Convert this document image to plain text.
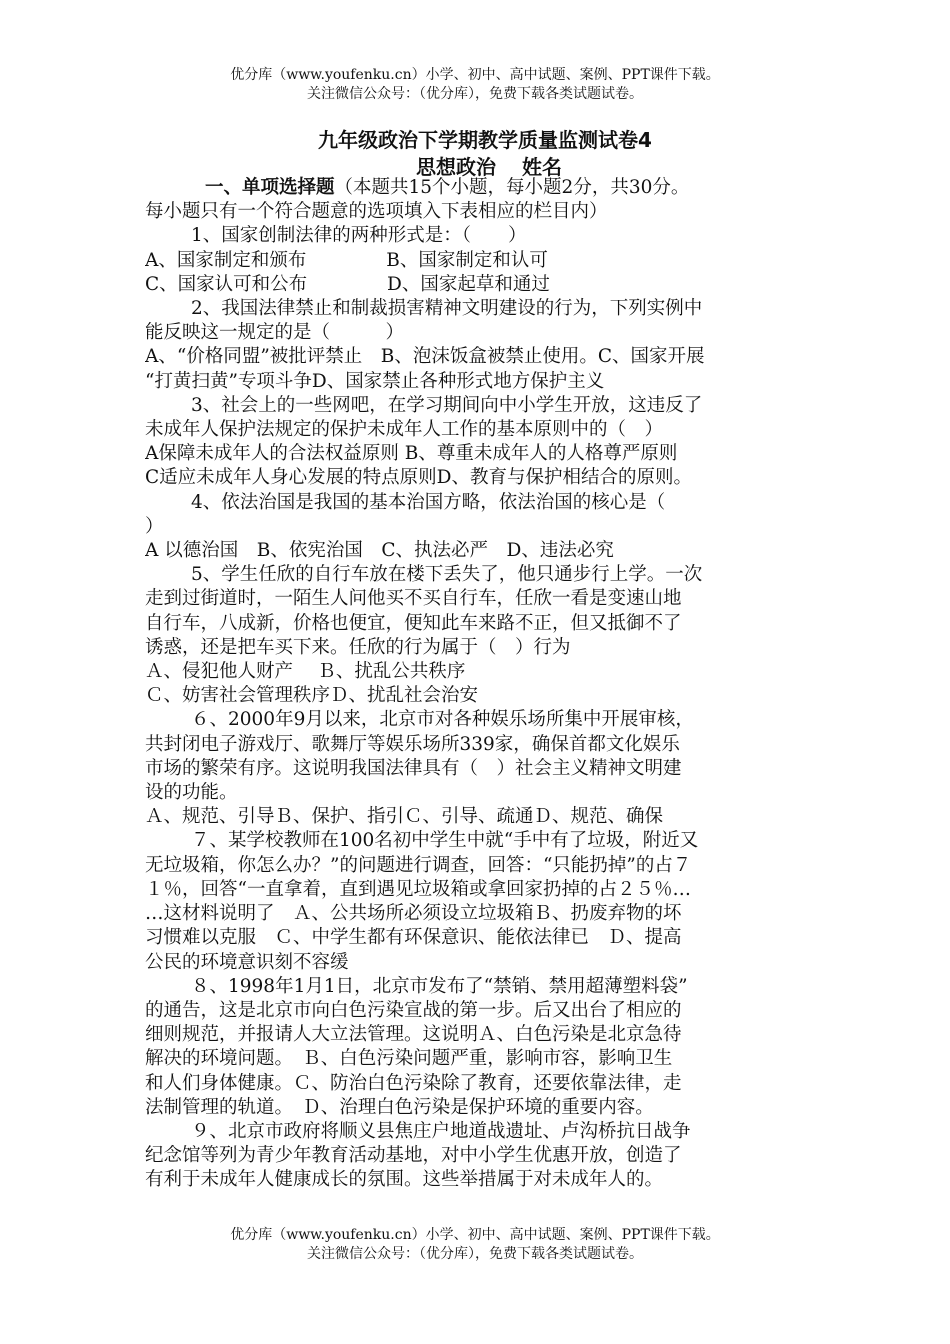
优分库（www.youfenku.cn）小学、初中、高中试题、案例、PPT课件下载。
关注微信公众号：（优分库），免费下载各类试题试卷。
九年级政治下学期教学质量监测试卷4
思想政治 姓名

一、单项选择题（本题共15个小题，每小题2分，共30分。

每小题只有一个符合题意的选项填入下表相应的栏目内）

1、国家创制法律的两种形式是：（　　）

A、国家制定和颁布　　　　 B、国家制定和认可

C、国家认可和公布　　　　 D、国家起草和通过

2、我国法律禁止和制裁损害精神文明建设的行为，下列实例中

能反映这一规定的是（　　　）

A、“价格同盟”被批评禁止　B、泡沫饭盒被禁止使用。C、国家开展

“打黄扫黄”专项斗争D、国家禁止各种形式地方保护主义

3、社会上的一些网吧，在学习期间向中小学生开放，这违反了

未成年人保护法规定的保护未成年人工作的基本原则中的（　）

A保障未成年人的合法权益原则 B、尊重未成年人的人格尊严原则

C适应未成年人身心发展的特点原则D、教育与保护相结合的原则。

4、依法治国是我国的基本治国方略，依法治国的核心是（

）

A 以德治国　B、依宪治国　C、执法必严　D、违法必究

5、学生任欣的自行车放在楼下丢失了，他只通步行上学。一次

走到过街道时，一陌生人问他买不买自行车，任欣一看是变速山地

自行车，八成新，价格也便宜，便知此车来路不正，但又抵御不了

诱惑，还是把车买下来。任欣的行为属于（　）行为

Ａ、侵犯他人财产　 Ｂ、扰乱公共秩序

Ｃ、妨害社会管理秩序Ｄ、扰乱社会治安

６、2000年9月以来，北京市对各种娱乐场所集中开展审核，

共封闭电子游戏厅、歌舞厅等娱乐场所339家，确保首都文化娱乐

市场的繁荣有序。这说明我国法律具有（　）社会主义精神文明建

设的功能。

Ａ、规范、引导Ｂ、保护、指引Ｃ、引导、疏通Ｄ、规范、确保

７、某学校教师在100名初中学生中就“手中有了垃圾，附近又

无垃圾箱，你怎么办？”的问题进行调查，回答：“只能扔掉”的占７

１％，回答“一直拿着，直到遇见垃圾箱或拿回家扔掉的占２５％…

…这材料说明了　Ａ、公共场所必须设立垃圾箱Ｂ、扔废弃物的坏

习惯难以克服　Ｃ、中学生都有环保意识、能依法律已　Ｄ、提高

公民的环境意识刻不容缓

８、1998年1月1日，北京市发布了“禁销、禁用超薄塑料袋”

的通告，这是北京市向白色污染宣战的第一步。后又出台了相应的

细则规范，并报请人大立法管理。这说明Ａ、白色污染是北京急待

解决的环境问题。　Ｂ、白色污染问题严重，影响市容，影响卫生

和人们身体健康。Ｃ、防治白色污染除了教育，还要依靠法律，走

法制管理的轨道。　Ｄ、治理白色污染是保护环境的重要内容。

９、北京市政府将顺义县焦庄户地道战遗址、卢沟桥抗日战争

纪念馆等列为青少年教育活动基地，对中小学生优惠开放，创造了

有利于未成年人健康成长的氛围。这些举措属于对未成年人的。

优分库（www.youfenku.cn）小学、初中、高中试题、案例、PPT课件下载。
关注微信公众号：（优分库），免费下载各类试题试卷。
